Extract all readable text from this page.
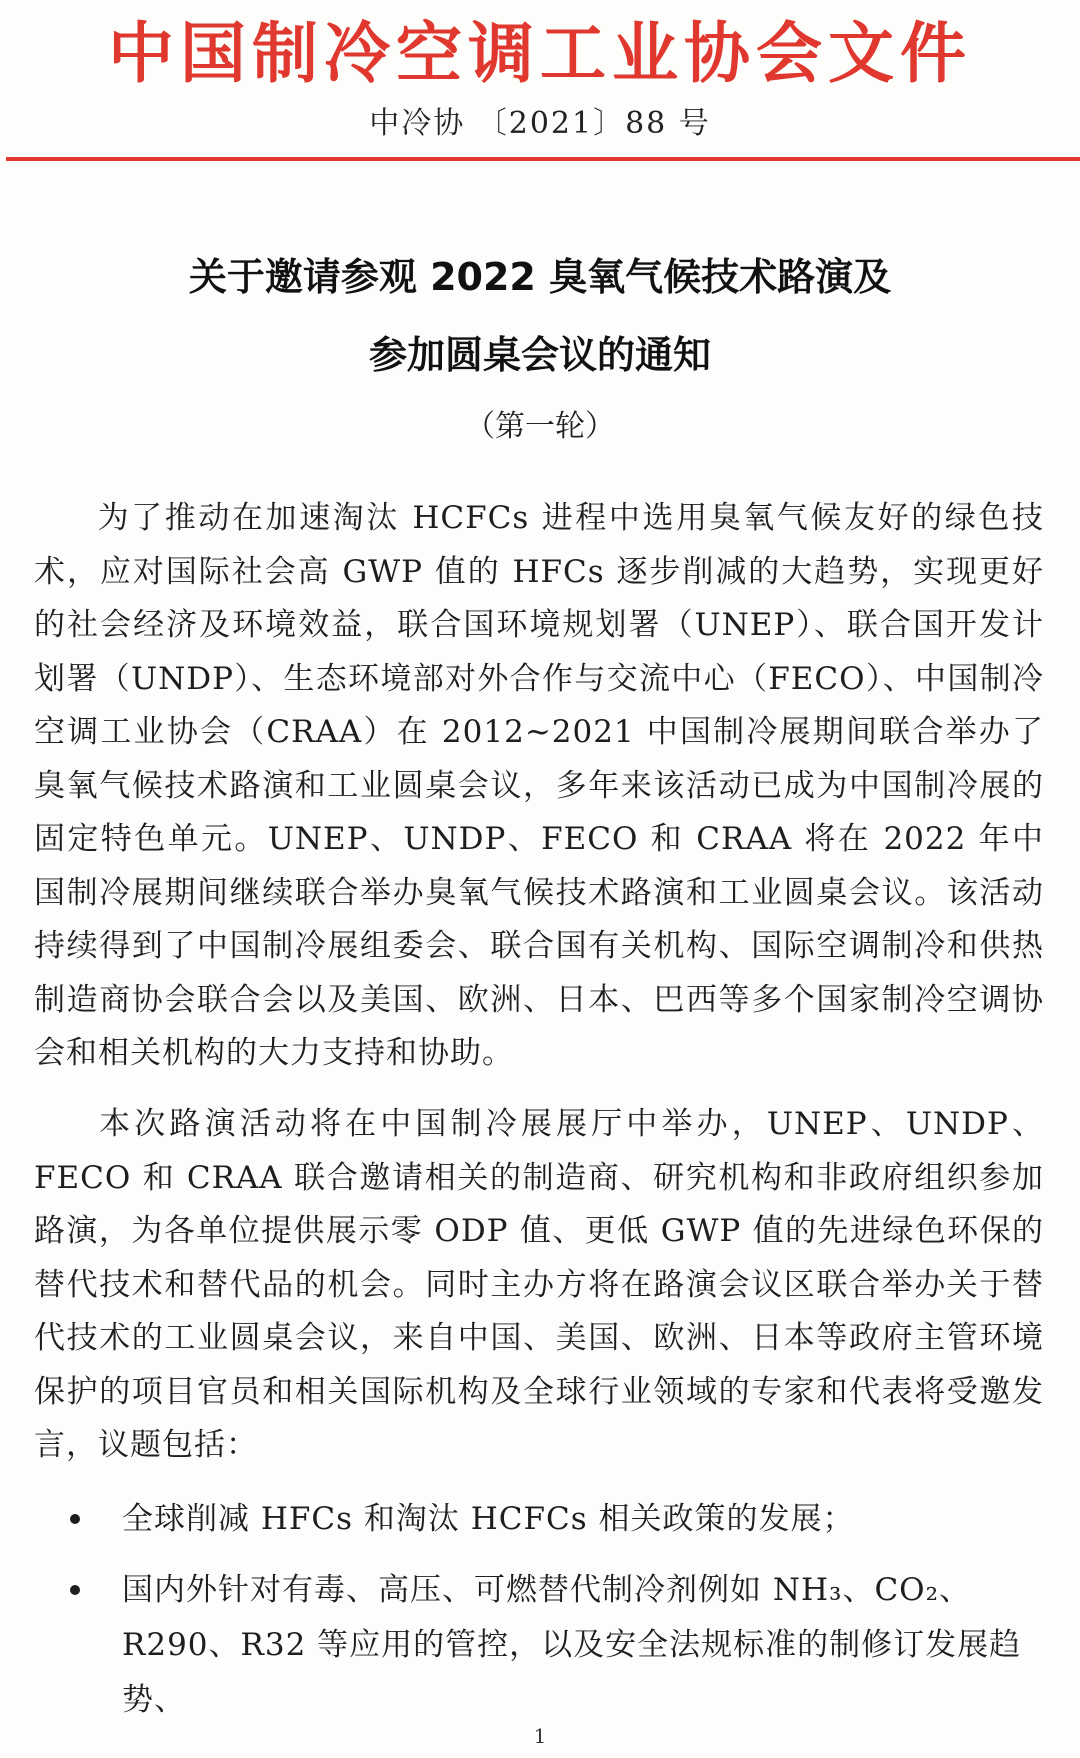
中国制冷空调工业协会文件
中冷协 〔2021〕88 号
关于邀请参观 2022 臭氧气候技术路演及
参加圆桌会议的通知
（第一轮）
为了推动在加速淘汰 HCFCs 进程中选用臭氧气候友好的绿色技术，应对国际社会高 GWP 值的 HFCs 逐步削减的大趋势，实现更好的社会经济及环境效益，联合国环境规划署（UNEP）、联合国开发计划署（UNDP）、生态环境部对外合作与交流中心（FECO）、中国制冷空调工业协会（CRAA）在 2012~2021 中国制冷展期间联合举办了臭氧气候技术路演和工业圆桌会议，多年来该活动已成为中国制冷展的固定特色单元。UNEP、UNDP、FECO 和 CRAA 将在 2022 年中国制冷展期间继续联合举办臭氧气候技术路演和工业圆桌会议。该活动持续得到了中国制冷展组委会、联合国有关机构、国际空调制冷和供热制造商协会联合会以及美国、欧洲、日本、巴西等多个国家制冷空调协会和相关机构的大力支持和协助。
本次路演活动将在中国制冷展展厅中举办，UNEP、UNDP、FECO 和 CRAA 联合邀请相关的制造商、研究机构和非政府组织参加路演，为各单位提供展示零 ODP 值、更低 GWP 值的先进绿色环保的替代技术和替代品的机会。同时主办方将在路演会议区联合举办关于替代技术的工业圆桌会议，来自中国、美国、欧洲、日本等政府主管环境保护的项目官员和相关国际机构及全球行业领域的专家和代表将受邀发言，议题包括：
全球削减 HFCs 和淘汰 HCFCs 相关政策的发展；
国内外针对有毒、高压、可燃替代制冷剂例如 NH₃、CO₂、R290、R32 等应用的管控，以及安全法规标准的制修订发展趋势、
1
